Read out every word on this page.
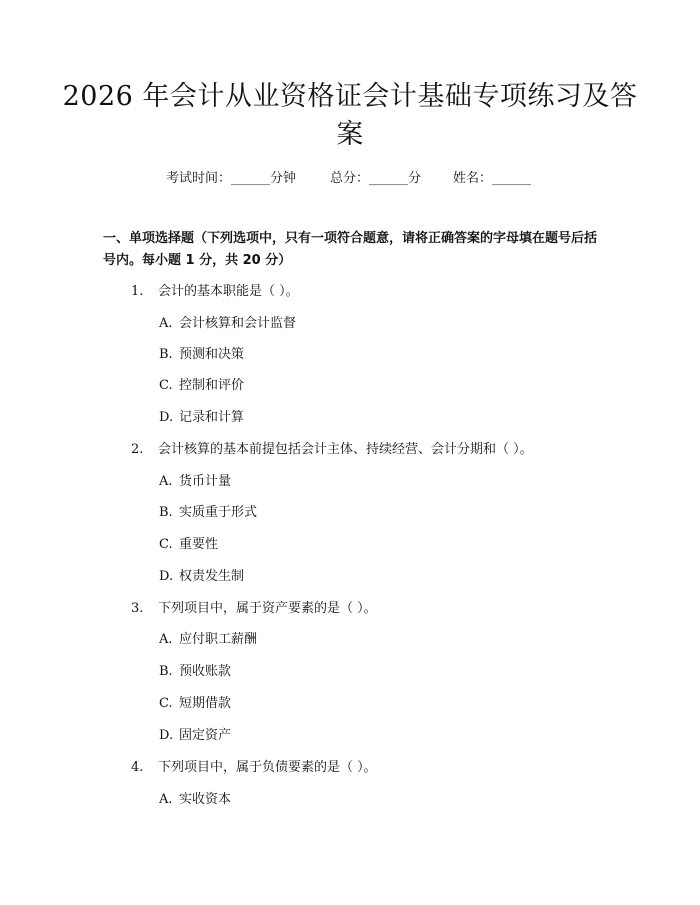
2026 年会计从业资格证会计基础专项练习及答案
考试时间：______分钟	总分：______分 姓名：______
一、单项选择题（下列选项中，只有一项符合题意，请将正确答案的字母填在题号后括号内。每小题 1 分，共 20 分）
1. 会计的基本职能是（ ）。
A. 会计核算和会计监督
B. 预测和决策
C. 控制和评价
D. 记录和计算
2. 会计核算的基本前提包括会计主体、持续经营、会计分期和（ ）。
A. 货币计量
B. 实质重于形式
C. 重要性
D. 权责发生制
3. 下列项目中，属于资产要素的是（ ）。
A. 应付职工薪酬
B. 预收账款
C. 短期借款
D. 固定资产
4. 下列项目中，属于负债要素的是（ ）。
A. 实收资本
